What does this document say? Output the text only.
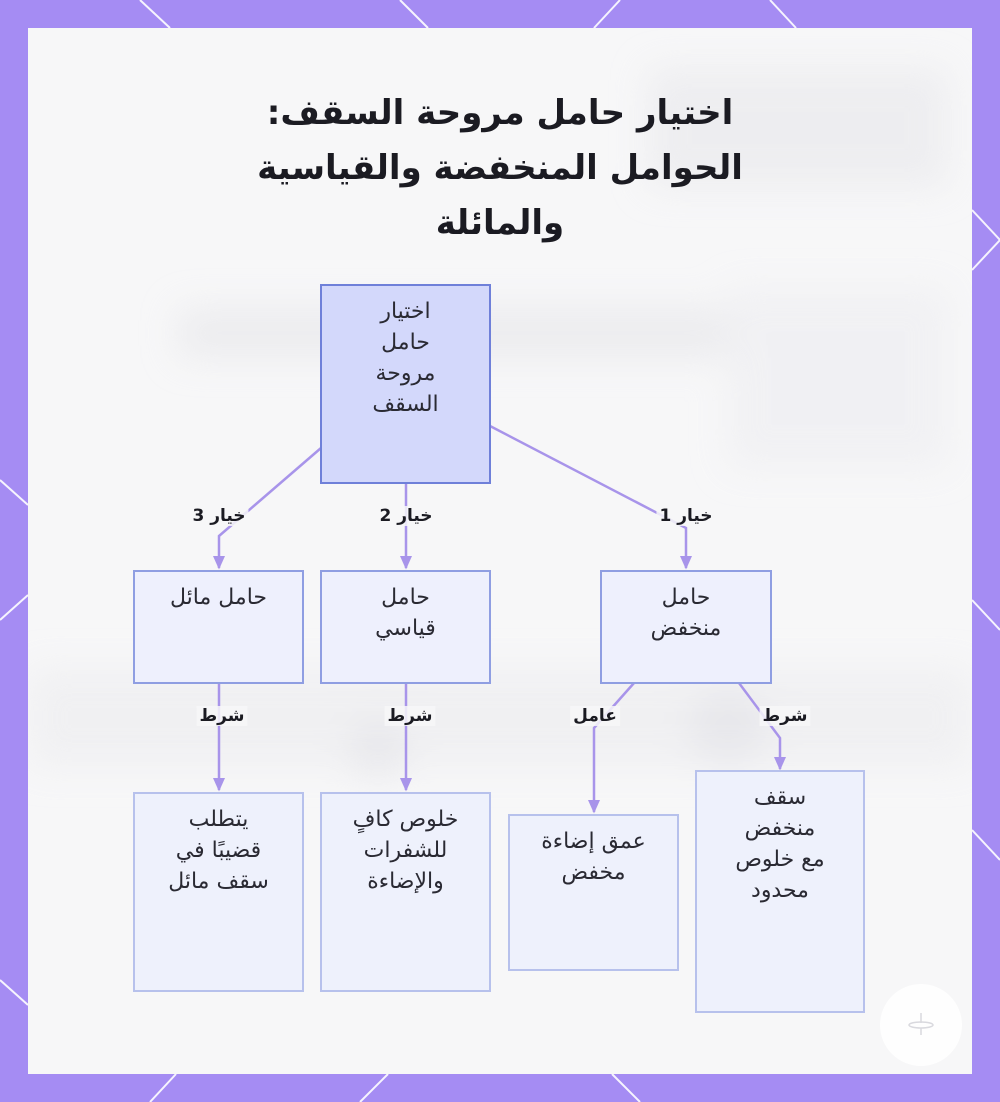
اختيار حامل مروحة السقف:
الحوامل المنخفضة والقياسية
والمائلة
خيار 1
خيار 2
خيار 3
شرط
عامل
شرط
شرط
اختيار
حامل
مروحة
السقف
حامل
منخفض
حامل
قياسي
حامل مائل
سقف
منخفض
مع خلوص
محدود
عمق إضاءة
مخفض
خلوص كافٍ
للشفرات
والإضاءة
يتطلب
قضيبًا في
سقف مائل
